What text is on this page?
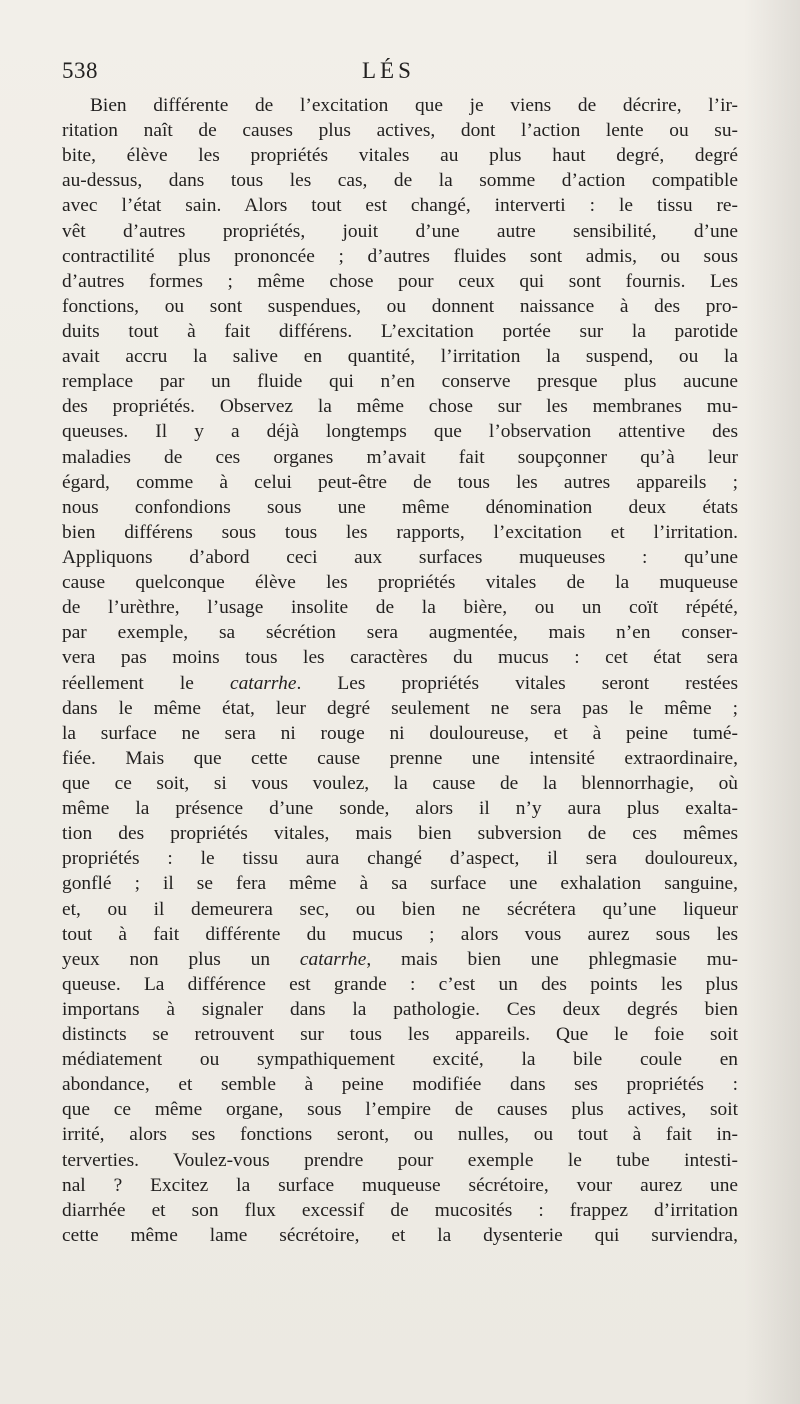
538	LÉS
Bien différente de l’excitation que je viens de décrire, l’ir-
ritation naît de causes plus actives, dont l’action lente ou su-
bite, élève les propriétés vitales au plus haut degré, degré
au-dessus, dans tous les cas, de la somme d’action compatible
avec l’état sain. Alors tout est changé, interverti : le tissu re-
vêt d’autres propriétés, jouit d’une autre sensibilité, d’une
contractilité plus prononcée ; d’autres fluides sont admis, ou sous
d’autres formes ; même chose pour ceux qui sont fournis. Les
fonctions, ou sont suspendues, ou donnent naissance à des pro-
duits tout à fait différens. L’excitation portée sur la parotide
avait accru la salive en quantité, l’irritation la suspend, ou la
remplace par un fluide qui n’en conserve presque plus aucune
des propriétés. Observez la même chose sur les membranes mu-
queuses. Il y a déjà longtemps que l’observation attentive des
maladies de ces organes m’avait fait soupçonner qu’à leur
égard, comme à celui peut-être de tous les autres appareils ;
nous confondions sous une même dénomination deux états
bien différens sous tous les rapports, l’excitation et l’irritation.
Appliquons d’abord ceci aux surfaces muqueuses : qu’une
cause quelconque élève les propriétés vitales de la muqueuse
de l’urèthre, l’usage insolite de la bière, ou un coït répété,
par exemple, sa sécrétion sera augmentée, mais n’en conser-
vera pas moins tous les caractères du mucus : cet état sera
réellement le catarrhe. Les propriétés vitales seront restées
dans le même état, leur degré seulement ne sera pas le même ;
la surface ne sera ni rouge ni douloureuse, et à peine tumé-
fiée. Mais que cette cause prenne une intensité extraordinaire,
que ce soit, si vous voulez, la cause de la blennorrhagie, où
même la présence d’une sonde, alors il n’y aura plus exalta-
tion des propriétés vitales, mais bien subversion de ces mêmes
propriétés : le tissu aura changé d’aspect, il sera douloureux,
gonflé ; il se fera même à sa surface une exhalation sanguine,
et, ou il demeurera sec, ou bien ne sécrétera qu’une liqueur
tout à fait différente du mucus ; alors vous aurez sous les
yeux non plus un catarrhe, mais bien une phlegmasie mu-
queuse. La différence est grande : c’est un des points les plus
importans à signaler dans la pathologie. Ces deux degrés bien
distincts se retrouvent sur tous les appareils. Que le foie soit
médiatement ou sympathiquement excité, la bile coule en
abondance, et semble à peine modifiée dans ses propriétés :
que ce même organe, sous l’empire de causes plus actives, soit
irrité, alors ses fonctions seront, ou nulles, ou tout à fait in-
terverties. Voulez-vous prendre pour exemple le tube intesti-
nal ? Excitez la surface muqueuse sécrétoire, vour aurez une
diarrhée et son flux excessif de mucosités : frappez d’irritation
cette même lame sécrétoire, et la dysenterie qui surviendra,
